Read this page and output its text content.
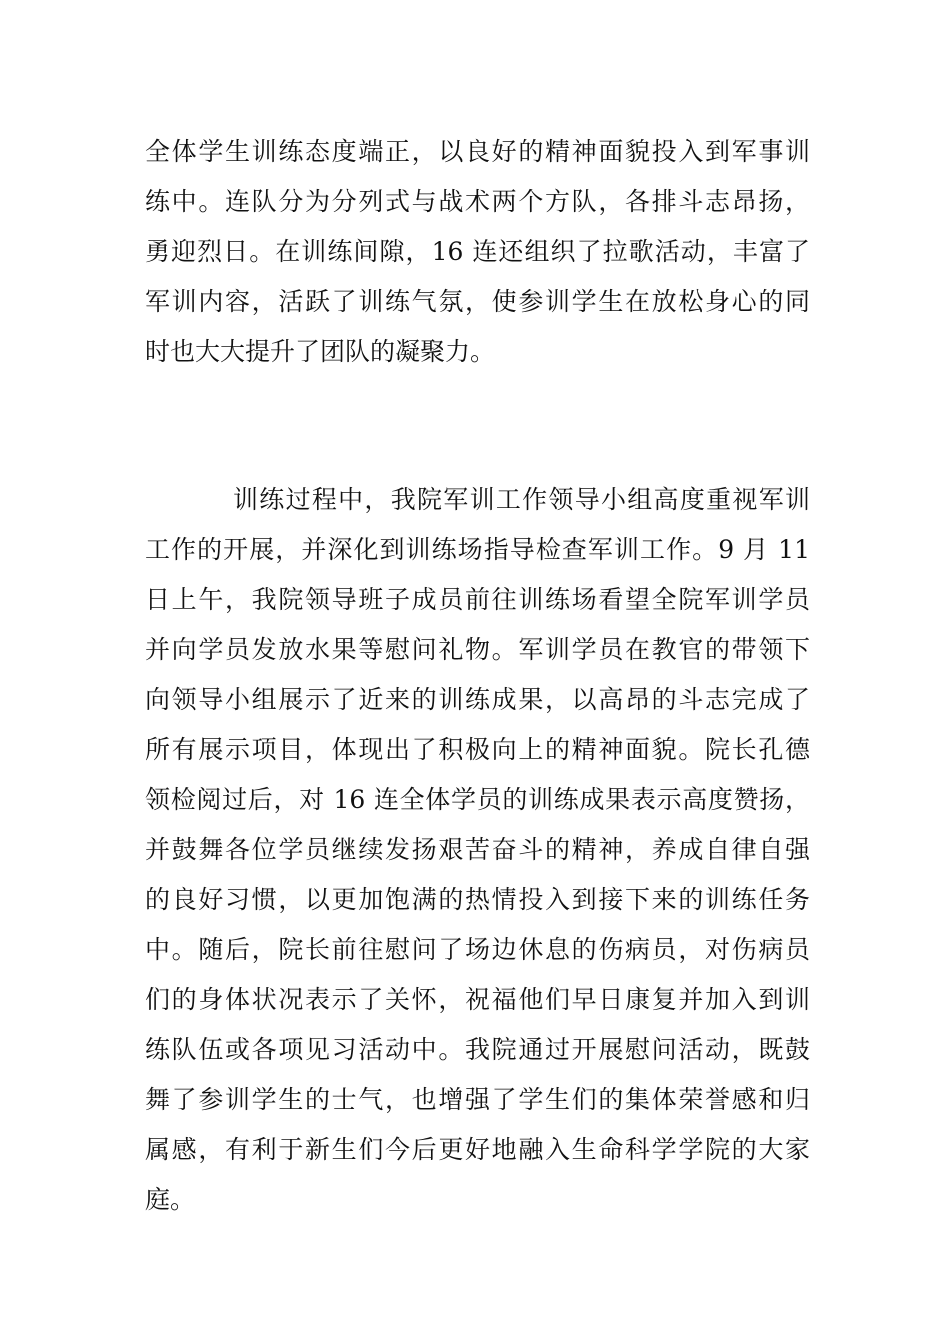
全体学生训练态度端正，以良好的精神面貌投入到军事训
练中。连队分为分列式与战术两个方队，各排斗志昂扬，
勇迎烈日。在训练间隙，16 连还组织了拉歌活动，丰富了
军训内容，活跃了训练气氛，使参训学生在放松身心的同
时也大大提升了团队的凝聚力。
训练过程中，我院军训工作领导小组高度重视军训
工作的开展，并深化到训练场指导检查军训工作。9 月 11
日上午，我院领导班子成员前往训练场看望全院军训学员
并向学员发放水果等慰问礼物。军训学员在教官的带领下
向领导小组展示了近来的训练成果，以高昂的斗志完成了
所有展示项目，体现出了积极向上的精神面貌。院长孔德
领检阅过后，对 16 连全体学员的训练成果表示高度赞扬，
并鼓舞各位学员继续发扬艰苦奋斗的精神，养成自律自强
的良好习惯，以更加饱满的热情投入到接下来的训练任务
中。随后，院长前往慰问了场边休息的伤病员，对伤病员
们的身体状况表示了关怀，祝福他们早日康复并加入到训
练队伍或各项见习活动中。我院通过开展慰问活动，既鼓
舞了参训学生的士气，也增强了学生们的集体荣誉感和归
属感，有利于新生们今后更好地融入生命科学学院的大家
庭。
